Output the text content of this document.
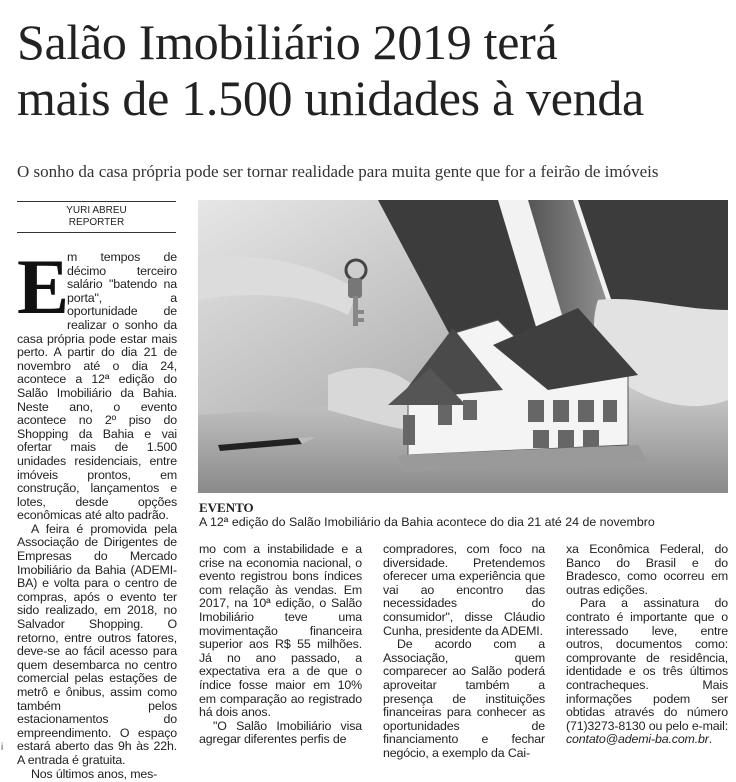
Salão Imobiliário 2019 terá
mais de 1.500 unidades à venda

O sonho da casa própria pode ser tornar realidade para muita gente que for a feirão de imóveis

YURI ABREU
REPORTER
EVENTO
A 12ª edição do Salão Imobiliário da Bahia acontece do dia 21 até 24 de novembro
E

m tempos de décimo terceiro salário "batendo na porta", a oportunidade de realizar o sonho da casa própria pode estar mais perto. A partir do dia 21 de novembro até o dia 24, acontece a 12ª edição do Salão Imobiliário da Bahia. Neste ano, o evento acontece no 2º piso do Shopping da Bahia e vai ofertar mais de 1.500 unidades residenciais, entre imóveis prontos, em construção, lançamentos e lotes, desde opções econômicas até alto padrão.

A feira é promovida pela Associação de Dirigentes de Empresas do Mercado Imobiliário da Bahia (ADEMI-BA) e volta para o centro de compras, após o evento ter sido realizado, em 2018, no Salvador Shopping. O retorno, entre outros fatores, deve-se ao fácil acesso para quem desembarca no centro comercial pelas estações de metrô e ônibus, assim como também pelos estacionamentos do empreendimento. O espaço estará aberto das 9h às 22h. A entrada é gratuita.

Nos últimos anos, mes-

mo com a instabilidade e a crise na economia nacional, o evento registrou bons índices com relação às vendas. Em 2017, na 10ª edição, o Salão Imobiliário teve uma movimentação financeira superior aos R$ 55 milhões. Já no ano passado, a expectativa era a de que o índice fosse maior em 10% em comparação ao registrado há dois anos.

"O Salão Imobiliário visa agregar diferentes perfis de

compradores, com foco na diversidade. Pretendemos oferecer uma experiência que vai ao encontro das necessidades do consumidor", disse Cláudio Cunha, presidente da ADEMI.

De acordo com a Associação, quem comparecer ao Salão poderá aproveitar também a presença de instituições financeiras para conhecer as oportunidades de financiamento e fechar negócio, a exemplo da Cai-

xa Econômica Federal, do Banco do Brasil e do Bradesco, como ocorreu em outras edições.

Para a assinatura do contrato é importante que o interessado leve, entre outros, documentos como: comprovante de residência, identidade e os três últimos contracheques. Mais informações podem ser obtidas através do número (71)3273-8130 ou pelo e-mail: contato@ademi-ba.com.br.

i
